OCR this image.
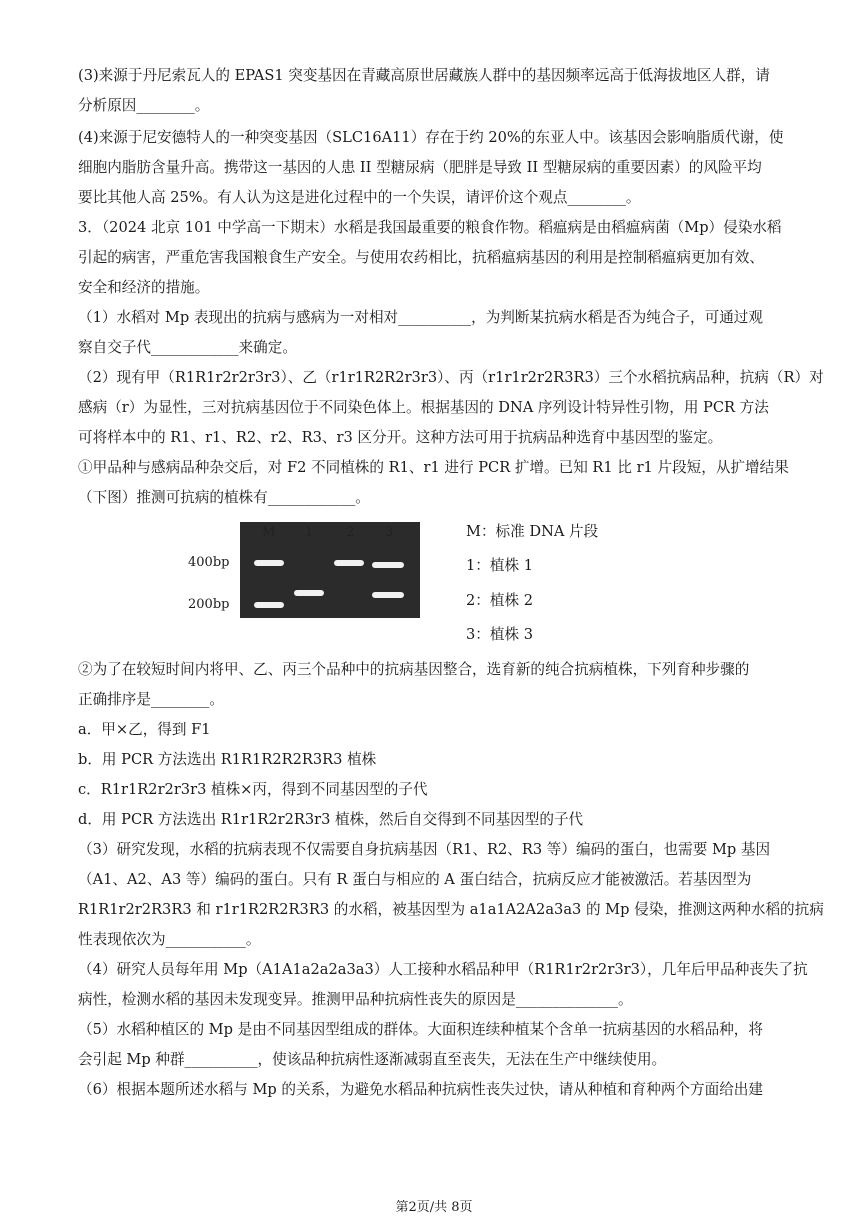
(3)来源于丹尼索瓦人的 EPAS1 突变基因在青藏高原世居藏族人群中的基因频率远高于低海拔地区人群，请
分析原因________。
(4)来源于尼安德特人的一种突变基因（SLC16A11）存在于约 20%的东亚人中。该基因会影响脂质代谢，使
细胞内脂肪含量升高。携带这一基因的人患 II 型糖尿病（肥胖是导致 II 型糖尿病的重要因素）的风险平均
要比其他人高 25%。有人认为这是进化过程中的一个失误，请评价这个观点________。
3．（2024 北京 101 中学高一下期末）水稻是我国最重要的粮食作物。稻瘟病是由稻瘟病菌（Mp）侵染水稻
引起的病害，严重危害我国粮食生产安全。与使用农药相比，抗稻瘟病基因的利用是控制稻瘟病更加有效、
安全和经济的措施。
（1）水稻对 Mp 表现出的抗病与感病为一对相对__________，为判断某抗病水稻是否为纯合子，可通过观
察自交子代____________来确定。
（2）现有甲（R1R1r2r2r3r3）、乙（r1r1R2R2r3r3）、丙（r1r1r2r2R3R3）三个水稻抗病品种，抗病（R）对
感病（r）为显性，三对抗病基因位于不同染色体上。根据基因的 DNA 序列设计特异性引物，用 PCR 方法
可将样本中的 R1、r1、R2、r2、R3、r3 区分开。这种方法可用于抗病品种选育中基因型的鉴定。
①甲品种与感病品种杂交后，对 F2 不同植株的 R1、r1 进行 PCR 扩增。已知 R1 比 r1 片段短，从扩增结果
（下图）推测可抗病的植株有____________。
②为了在较短时间内将甲、乙、丙三个品种中的抗病基因整合，选育新的纯合抗病植株，下列育种步骤的
正确排序是________。
a．甲×乙，得到 F1
b．用 PCR 方法选出 R1R1R2R2R3R3 植株
c．R1r1R2r2r3r3 植株×丙，得到不同基因型的子代
d．用 PCR 方法选出 R1r1R2r2R3r3 植株，然后自交得到不同基因型的子代
（3）研究发现，水稻的抗病表现不仅需要自身抗病基因（R1、R2、R3 等）编码的蛋白，也需要 Mp 基因
（A1、A2、A3 等）编码的蛋白。只有 R 蛋白与相应的 A 蛋白结合，抗病反应才能被激活。若基因型为
R1R1r2r2R3R3 和 r1r1R2R2R3R3 的水稻，被基因型为 a1a1A2A2a3a3 的 Mp 侵染，推测这两种水稻的抗病
性表现依次为___________。
（4）研究人员每年用 Mp（A1A1a2a2a3a3）人工接种水稻品种甲（R1R1r2r2r3r3），几年后甲品种丧失了抗
病性，检测水稻的基因未发现变异。推测甲品种抗病性丧失的原因是______________。
（5）水稻种植区的 Mp 是由不同基因型组成的群体。大面积连续种植某个含单一抗病基因的水稻品种，将
会引起 Mp 种群__________，使该品种抗病性逐渐减弱直至丧失，无法在生产中继续使用。
（6）根据本题所述水稻与 Mp 的关系，为避免水稻品种抗病性丧失过快，请从种植和育种两个方面给出建
400bp
200bp
M 1	2 3	M：标准 DNA 片段
1：植株 1
2：植株 2
3：植株 3
第2页/共 8页
